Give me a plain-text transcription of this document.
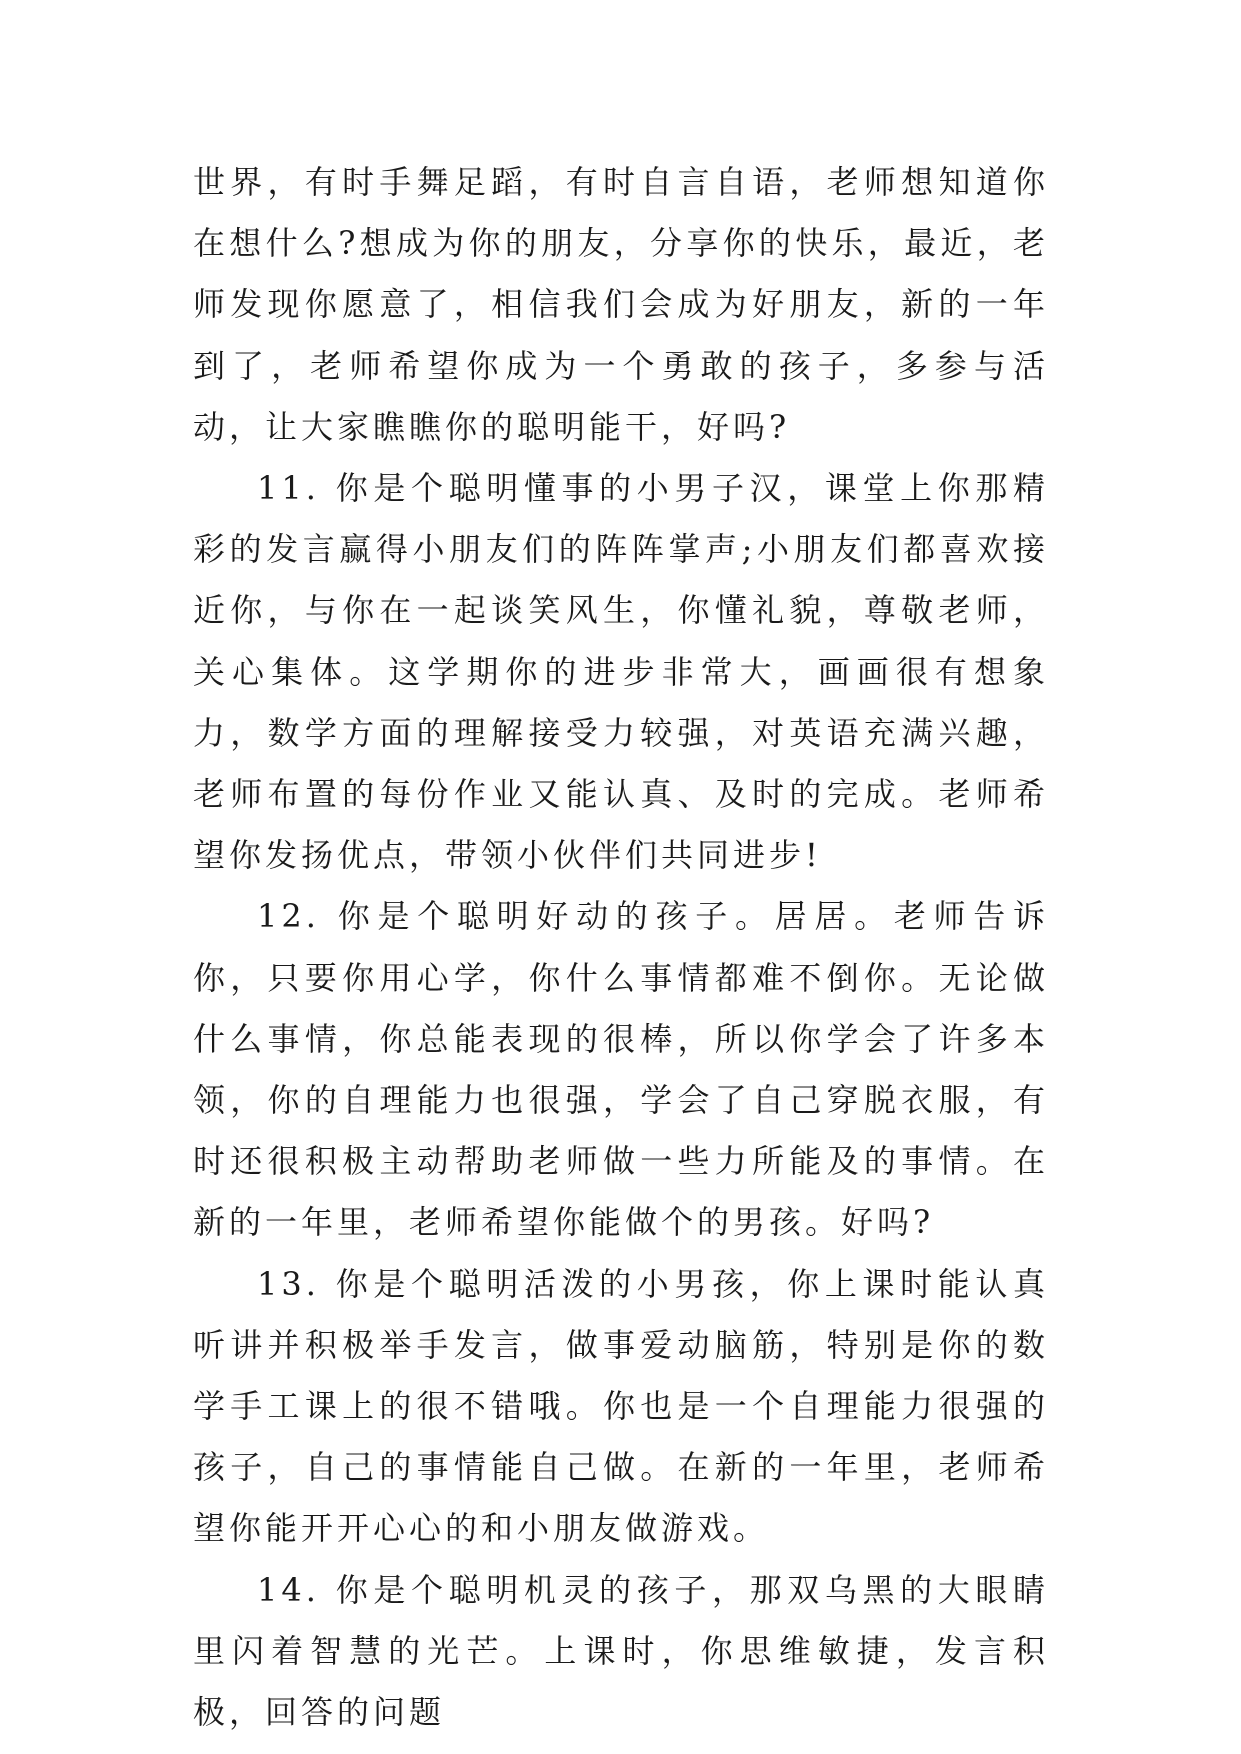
世界，有时手舞足蹈，有时自言自语，老师想知道你在想什么?想成为你的朋友，分享你的快乐，最近，老师发现你愿意了，相信我们会成为好朋友，新的一年到了，老师希望你成为一个勇敢的孩子，多参与活动，让大家瞧瞧你的聪明能干，好吗?

11. 你是个聪明懂事的小男子汉，课堂上你那精彩的发言赢得小朋友们的阵阵掌声;小朋友们都喜欢接近你，与你在一起谈笑风生，你懂礼貌，尊敬老师，关心集体。这学期你的进步非常大，画画很有想象力，数学方面的理解接受力较强，对英语充满兴趣，老师布置的每份作业又能认真、及时的完成。老师希望你发扬优点，带领小伙伴们共同进步!

12. 你是个聪明好动的孩子。居居。老师告诉你，只要你用心学，你什么事情都难不倒你。无论做什么事情，你总能表现的很棒，所以你学会了许多本领，你的自理能力也很强，学会了自己穿脱衣服，有时还很积极主动帮助老师做一些力所能及的事情。在新的一年里，老师希望你能做个的男孩。好吗?

13. 你是个聪明活泼的小男孩，你上课时能认真听讲并积极举手发言，做事爱动脑筋，特别是你的数学手工课上的很不错哦。你也是一个自理能力很强的孩子，自己的事情能自己做。在新的一年里，老师希望你能开开心心的和小朋友做游戏。

14. 你是个聪明机灵的孩子，那双乌黑的大眼睛里闪着智慧的光芒。上课时，你思维敏捷，发言积极，回答的问题
